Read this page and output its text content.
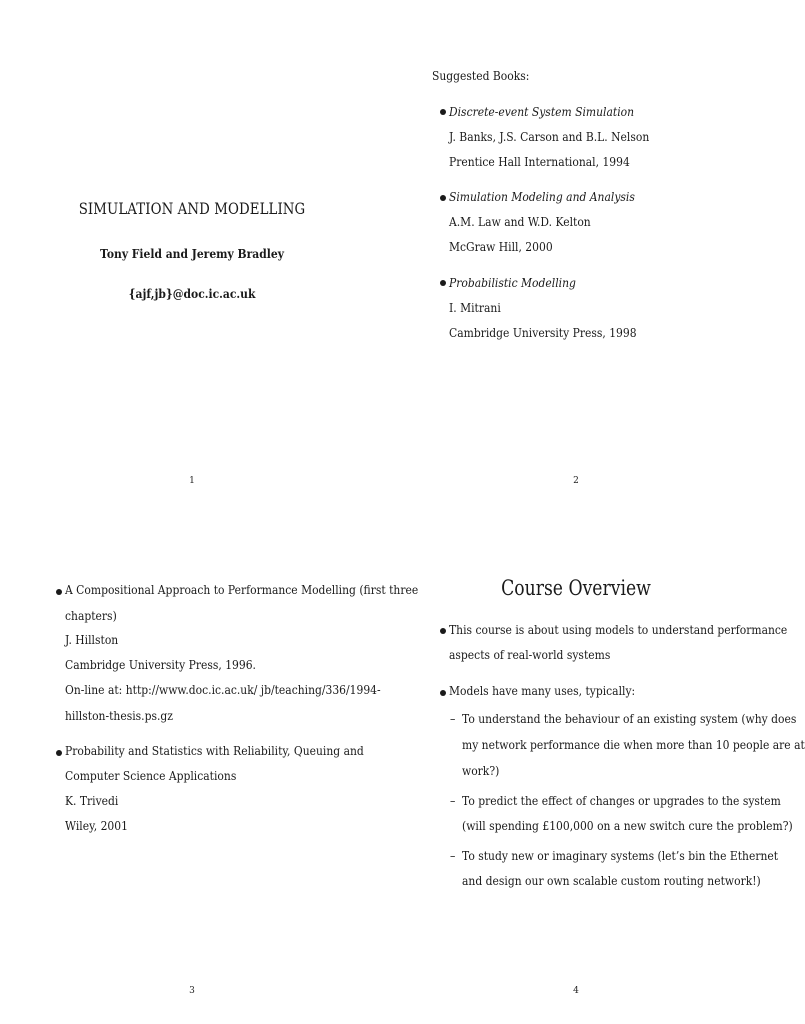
SIMULATION AND MODELLING
Tony Field and Jeremy Bradley
{ajf,jb}@doc.ic.ac.uk
1
Suggested Books:
Discrete-event System Simulation
J. Banks, J.S. Carson and B.L. Nelson
Prentice Hall International, 1994
Simulation Modeling and Analysis
A.M. Law and W.D. Kelton
McGraw Hill, 2000
Probabilistic Modelling
I. Mitrani
Cambridge University Press, 1998
2
A Compositional Approach to Performance Modelling (first three
chapters)
J. Hillston
Cambridge University Press, 1996.
On-line at: http://www.doc.ic.ac.uk/ jb/teaching/336/1994-
hillston-thesis.ps.gz
Probability and Statistics with Reliability, Queuing and
Computer Science Applications
K. Trivedi
Wiley, 2001
3
Course Overview
This course is about using models to understand performance
aspects of real-world systems
Models have many uses, typically:
– To understand the behaviour of an existing system (why does
my network performance die when more than 10 people are at
work?)
– To predict the effect of changes or upgrades to the system
(will spending £100,000 on a new switch cure the problem?)
– To study new or imaginary systems (let’s bin the Ethernet
and design our own scalable custom routing network!)
4
